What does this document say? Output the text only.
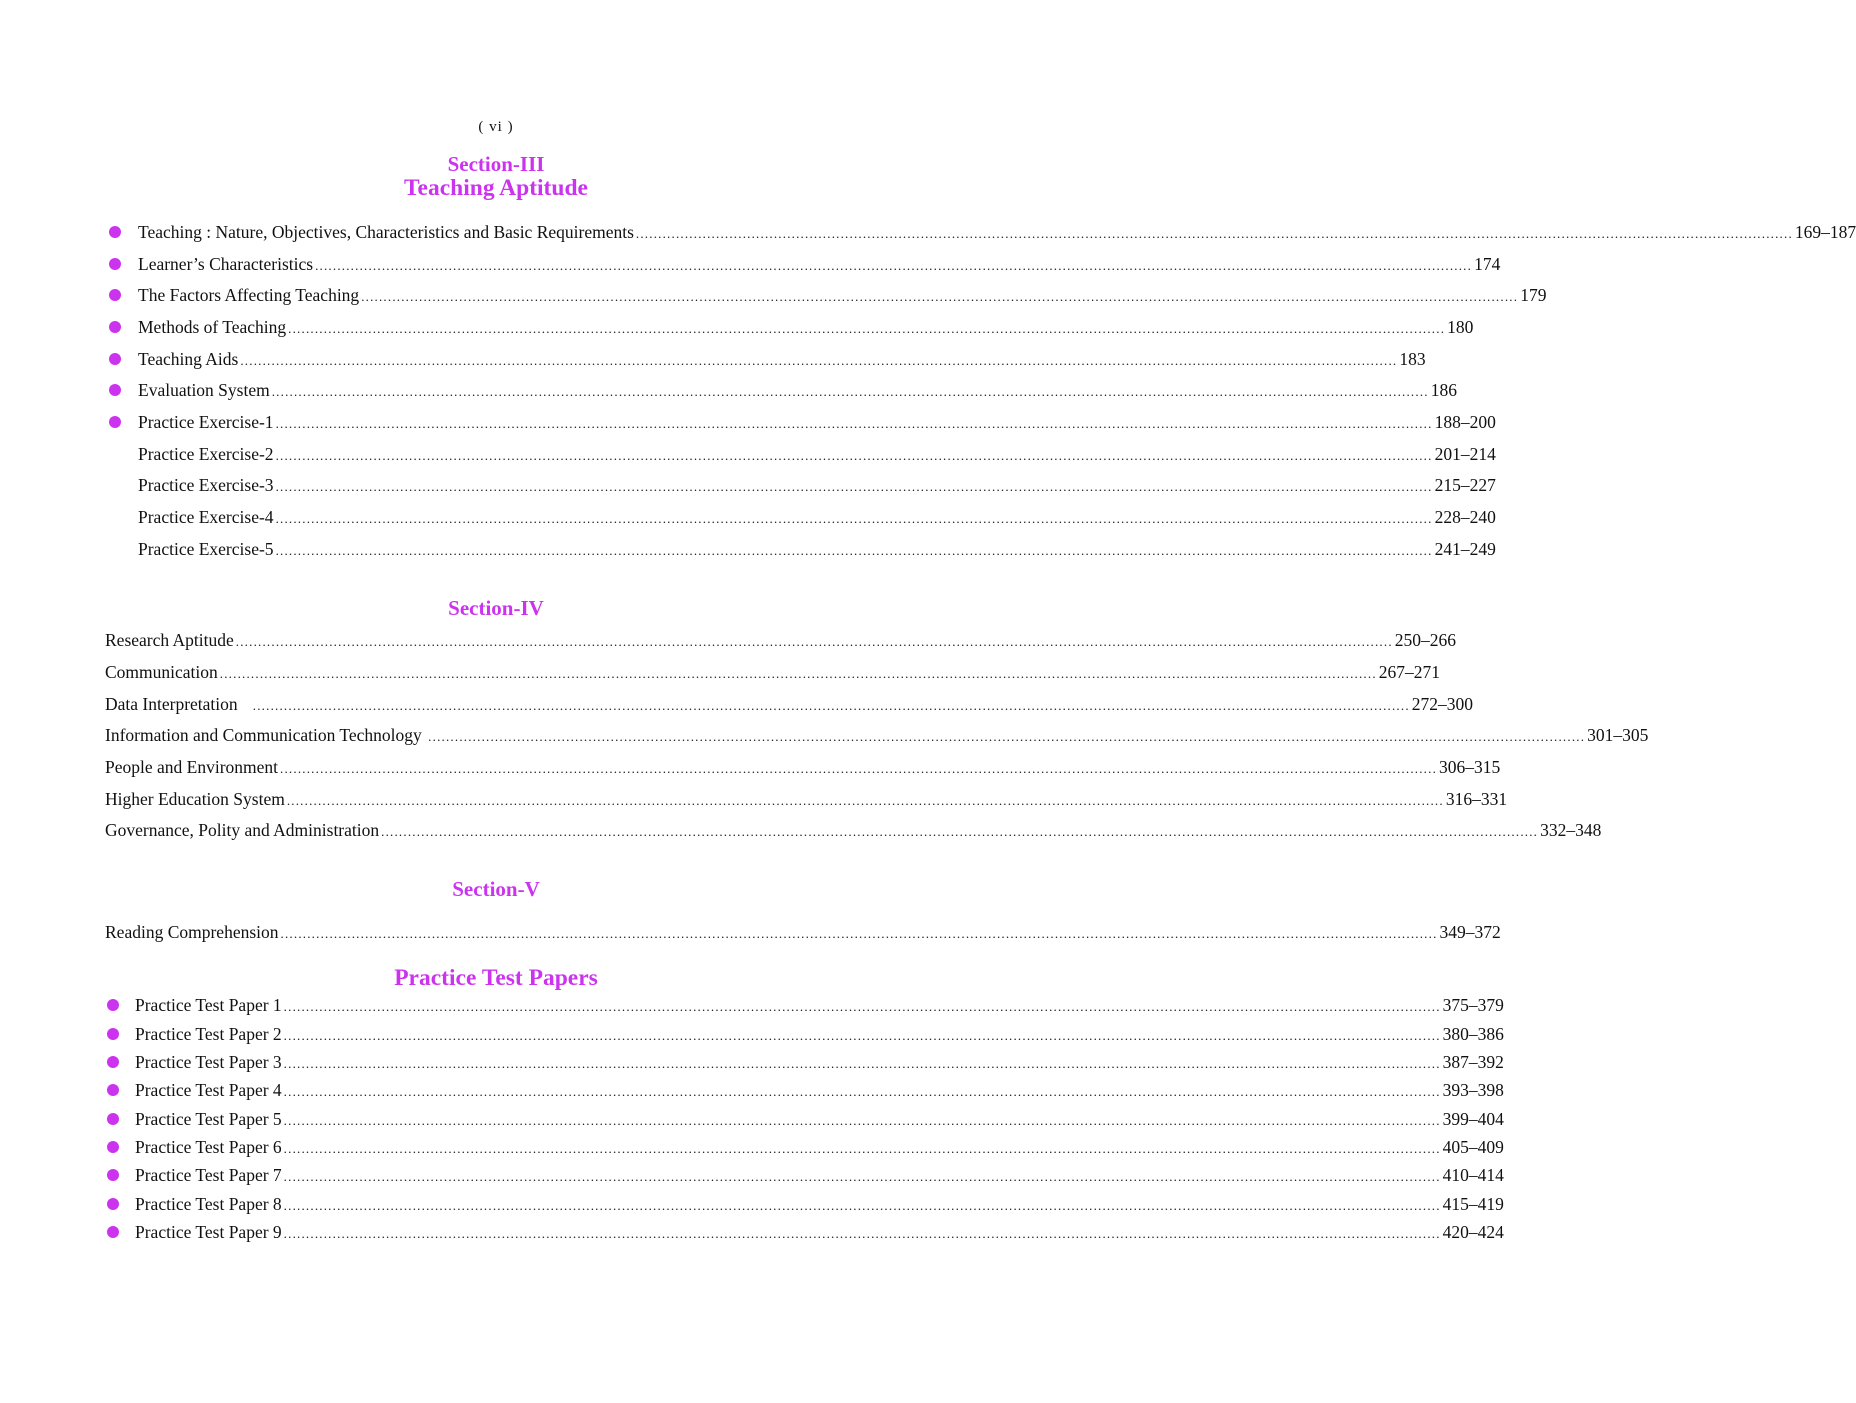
( vi )
Section-III
Teaching Aptitude
Teaching : Nature, Objectives, Characteristics and Basic Requirements .................................................................................................................................................................................................................................................................... 169–187
Learner’s Characteristics .................................................................................................................................................................................................................................................................... 174
The Factors Affecting Teaching .................................................................................................................................................................................................................................................................... 179
Methods of Teaching .................................................................................................................................................................................................................................................................... 180
Teaching Aids .................................................................................................................................................................................................................................................................... 183
Evaluation System .................................................................................................................................................................................................................................................................... 186
Practice Exercise-1 .................................................................................................................................................................................................................................................................... 188–200
Practice Exercise-2 .................................................................................................................................................................................................................................................................... 201–214
Practice Exercise-3 .................................................................................................................................................................................................................................................................... 215–227
Practice Exercise-4 .................................................................................................................................................................................................................................................................... 228–240
Practice Exercise-5 .................................................................................................................................................................................................................................................................... 241–249
Section-IV
Research Aptitude .................................................................................................................................................................................................................................................................... 250–266
Communication .................................................................................................................................................................................................................................................................... 267–271
Data Interpretation .................................................................................................................................................................................................................................................................... 272–300
Information and Communication Technology .................................................................................................................................................................................................................................................................... 301–305
People and Environment .................................................................................................................................................................................................................................................................... 306–315
Higher Education System .................................................................................................................................................................................................................................................................... 316–331
Governance, Polity and Administration .................................................................................................................................................................................................................................................................... 332–348
Section-V
Reading Comprehension .................................................................................................................................................................................................................................................................... 349–372
Practice Test Papers
Practice Test Paper 1 .................................................................................................................................................................................................................................................................... 375–379
Practice Test Paper 2 .................................................................................................................................................................................................................................................................... 380–386
Practice Test Paper 3 .................................................................................................................................................................................................................................................................... 387–392
Practice Test Paper 4 .................................................................................................................................................................................................................................................................... 393–398
Practice Test Paper 5 .................................................................................................................................................................................................................................................................... 399–404
Practice Test Paper 6 .................................................................................................................................................................................................................................................................... 405–409
Practice Test Paper 7 .................................................................................................................................................................................................................................................................... 410–414
Practice Test Paper 8 .................................................................................................................................................................................................................................................................... 415–419
Practice Test Paper 9 .................................................................................................................................................................................................................................................................... 420–424
